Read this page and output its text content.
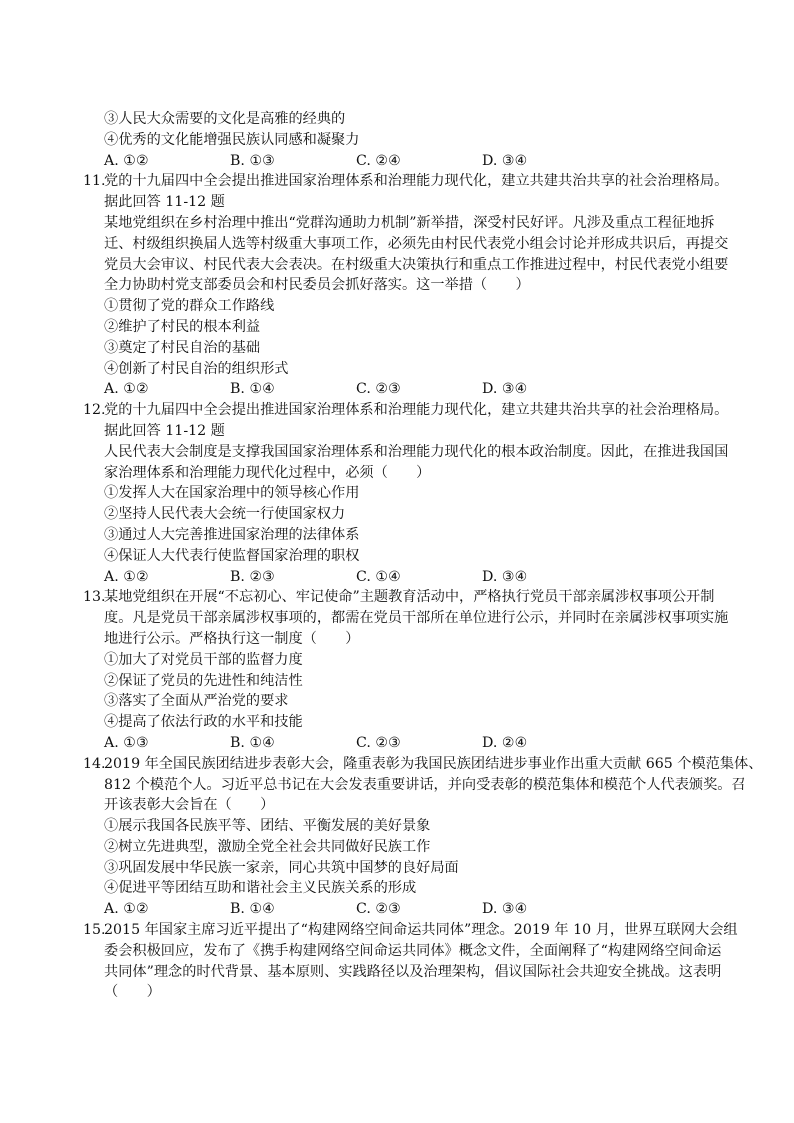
③人民大众需要的文化是高雅的经典的
④优秀的文化能增强民族认同感和凝聚力
A. ①②	B. ①③	C. ②④	D. ③④
11.
党的十九届四中全会提出推进国家治理体系和治理能力现代化，建立共建共治共享的社会治理格局。
据此回答 11-12 题
某地党组织在乡村治理中推出“党群沟通助力机制”新举措，深受村民好评。凡涉及重点工程征地拆
迁、村级组织换届人选等村级重大事项工作，必须先由村民代表党小组会讨论并形成共识后，再提交
党员大会审议、村民代表大会表决。在村级重大决策执行和重点工作推进过程中，村民代表党小组要
全力协助村党支部委员会和村民委员会抓好落实。这一举措（　　）
①贯彻了党的群众工作路线
②维护了村民的根本利益
③奠定了村民自治的基础
④创新了村民自治的组织形式
A. ①②	B. ①④	C. ②③	D. ③④
12.
党的十九届四中全会提出推进国家治理体系和治理能力现代化，建立共建共治共享的社会治理格局。
据此回答 11-12 题
人民代表大会制度是支撑我国国家治理体系和治理能力现代化的根本政治制度。因此，在推进我国国
家治理体系和治理能力现代化过程中，必须（　　）
①发挥人大在国家治理中的领导核心作用
②坚持人民代表大会统一行使国家权力
③通过人大完善推进国家治理的法律体系
④保证人大代表行使监督国家治理的职权
A. ①②	B. ②③	C. ①④	D. ③④
13.
某地党组织在开展“不忘初心、牢记使命”主题教育活动中，严格执行党员干部亲属涉权事项公开制
度。凡是党员干部亲属涉权事项的，都需在党员干部所在单位进行公示，并同时在亲属涉权事项实施
地进行公示。严格执行这一制度（　　）
①加大了对党员干部的监督力度
②保证了党员的先进性和纯洁性
③落实了全面从严治党的要求
④提高了依法行政的水平和技能
A. ①③	B. ①④	C. ②③	D. ②④
14.
2019 年全国民族团结进步表彰大会，隆重表彰为我国民族团结进步事业作出重大贡献 665 个模范集体、
812 个模范个人。习近平总书记在大会发表重要讲话，并向受表彰的模范集体和模范个人代表颁奖。召
开该表彰大会旨在（　　）
①展示我国各民族平等、团结、平衡发展的美好景象
②树立先进典型，激励全党全社会共同做好民族工作
③巩固发展中华民族一家亲，同心共筑中国梦的良好局面
④促进平等团结互助和谐社会主义民族关系的形成
A. ①②	B. ①④	C. ②③	D. ③④
15.
2015 年国家主席习近平提出了“构建网络空间命运共同体”理念。2019 年 10 月，世界互联网大会组
委会积极回应，发布了《携手构建网络空间命运共同体》概念文件，全面阐释了“构建网络空间命运
共同体”理念的时代背景、基本原则、实践路径以及治理架构，倡议国际社会共迎安全挑战。这表明
（　　）
